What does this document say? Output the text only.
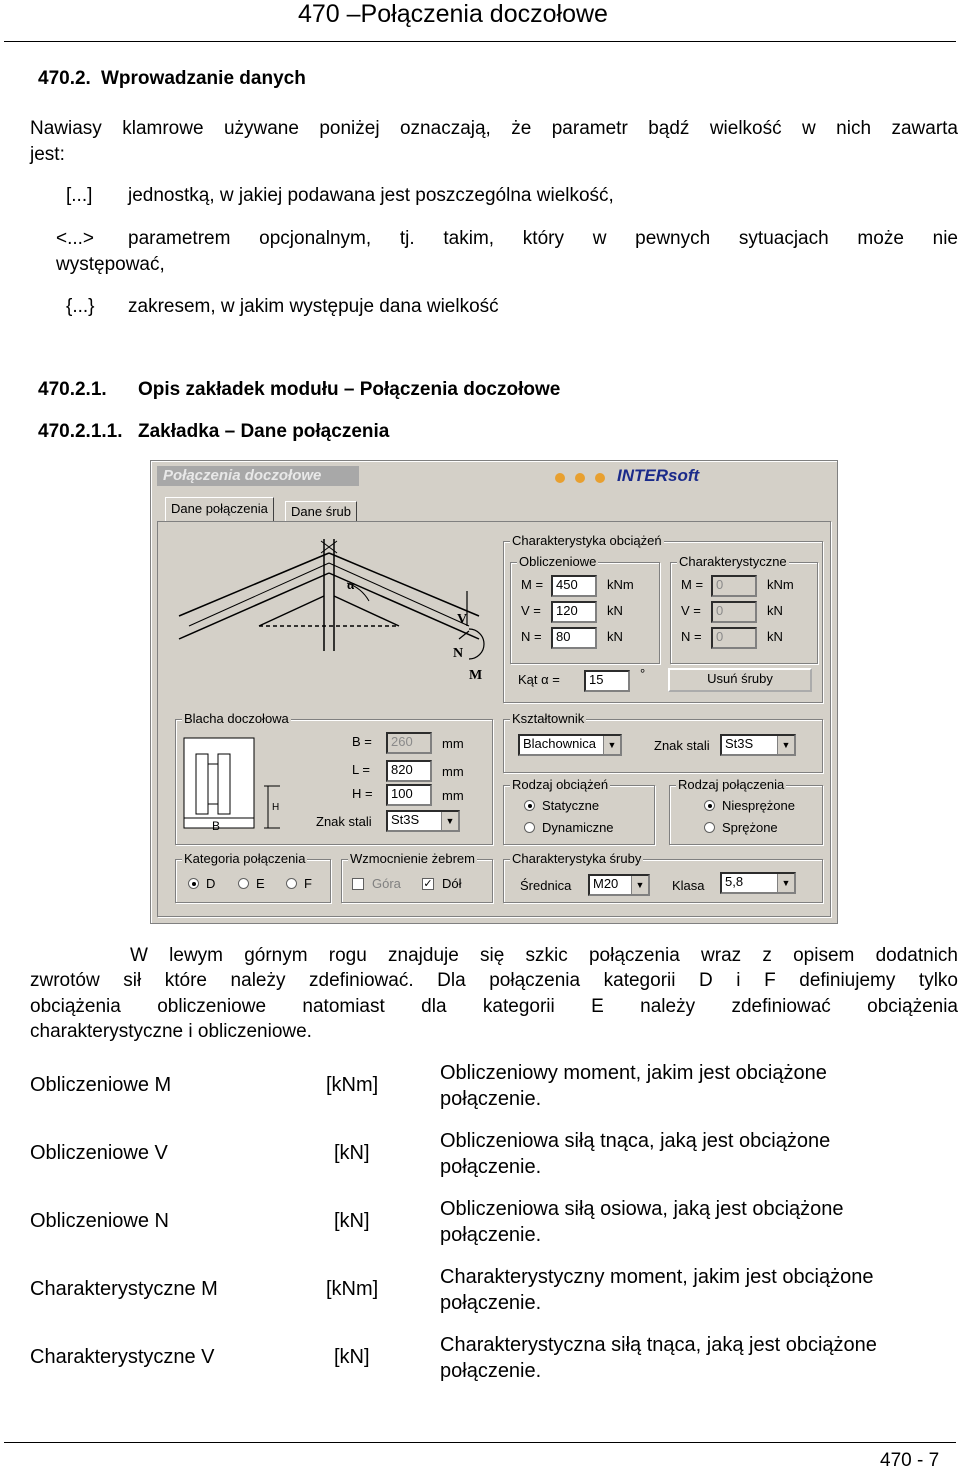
470 –Połączenia doczołowe
470.2. Wprowadzanie danych
Nawiasy klamrowe używane poniżej oznaczają, że parametr bądź wielkość w nich zawarta
jest:
[...] jednostką, w jakiej podawana jest poszczególna wielkość,
<...> parametrem opcjonalnym, tj. takim, który w pewnych sytuacjach może nie
występować,
{...} zakresem, w jakim występuje dana wielkość
470.2.1. Opis zakładek modułu – Połączenia doczołowe
470.2.1.1. Zakładka – Dane połączenia
Połączenia doczołowe	INTERsoft
Dane połączenia	Dane śrub
α
V
N
M
Charakterystyka obciążeń
Obliczeniowe
M = 450	kNm
V =	120	kN
N =	80	kN
Charakterystyczne
M = 0	kNm
V =	0	kN
N =	0	kN
Kąt α =	15	°	Usuń śruby
Blacha doczołowa
B
H
B =	260	mm
L =	820	mm
H =	100	mm
Znak stali	St3S	▼
Kształtownik
Blachownica	▼	Znak stali	St3S	▼
Rodzaj obciążeń
Statyczne
Dynamiczne
Rodzaj połączenia
Niesprężone
Sprężone
Kategoria połączenia
D	E	F
Wzmocnienie żebrem
Góra ✓ Dół
Charakterystyka śruby
Średnica	M20	▼ Klasa	5,8	▼
W lewym górnym rogu znajduje się szkic połączenia wraz z opisem dodatnich
zwrotów sił które należy zdefiniować. Dla połączenia kategorii D i F definiujemy tylko
obciążenia obliczeniowe natomiast dla kategorii E należy zdefiniować obciążenia
charakterystyczne i obliczeniowe.
Obliczeniowe M	[kNm]
Obliczeniowy moment, jakim jest obciążone
połączenie.
Obliczeniowe V	[kN]
Obliczeniowa siłą tnąca, jaką jest obciążone
połączenie.
Obliczeniowe N	[kN]
Obliczeniowa siłą osiowa, jaką jest obciążone
połączenie.
Charakterystyczne M	[kNm]
Charakterystyczny moment, jakim jest obciążone
połączenie.
Charakterystyczne V	[kN]
Charakterystyczna siłą tnąca, jaką jest obciążone
połączenie.
470 - 7
